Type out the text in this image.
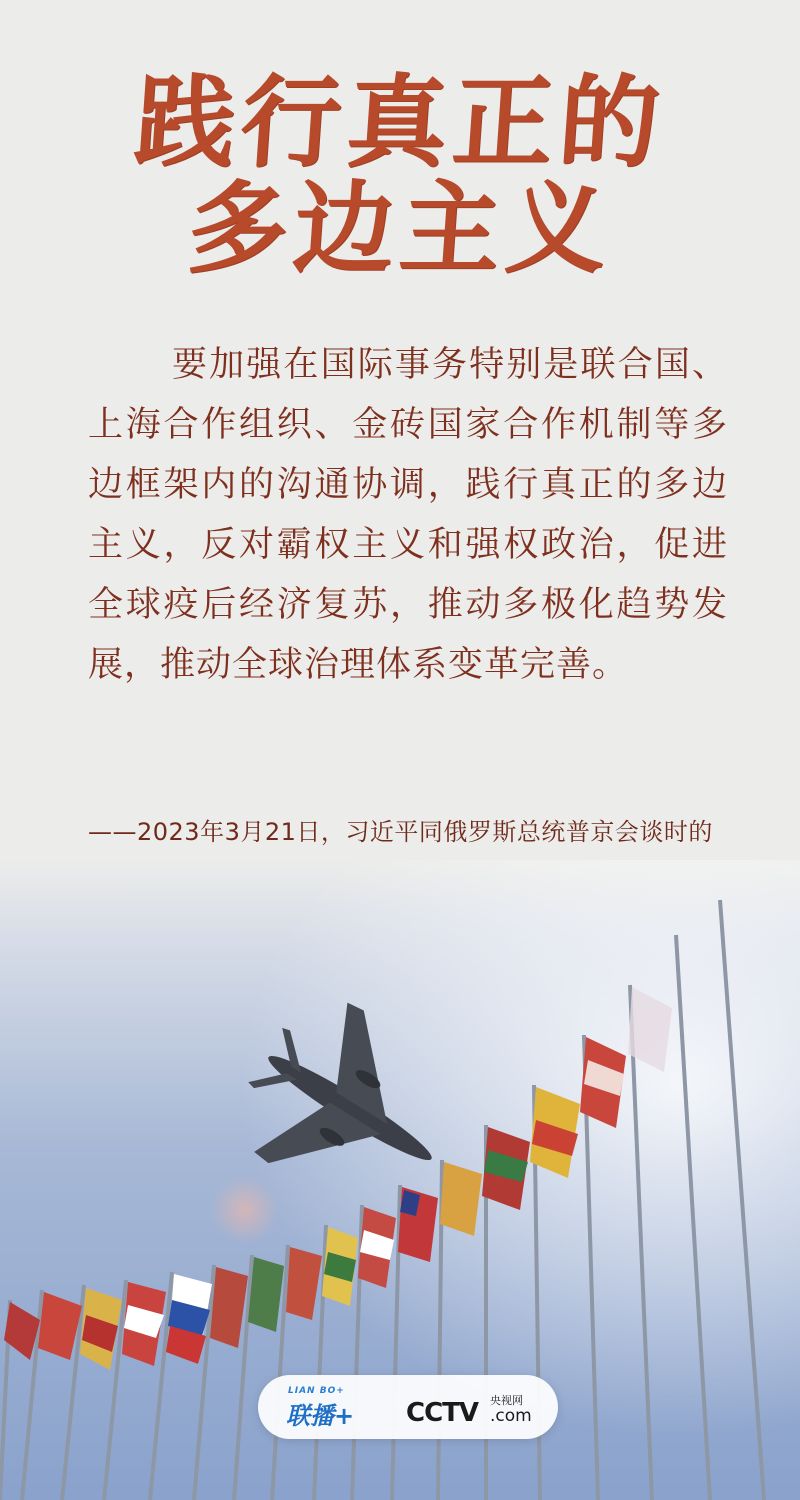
践行真正的
多边主义
要加强在国际事务特别是联合国、上海合作组织、金砖国家合作机制等多边框架内的沟通协调，践行真正的多边主义，反对霸权主义和强权政治，促进全球疫后经济复苏，推动多极化趋势发展，推动全球治理体系变革完善。
——2023年3月21日，习近平同俄罗斯总统普京会谈时的
LIAN BO+
联播+ CCTV 央视网
.com
